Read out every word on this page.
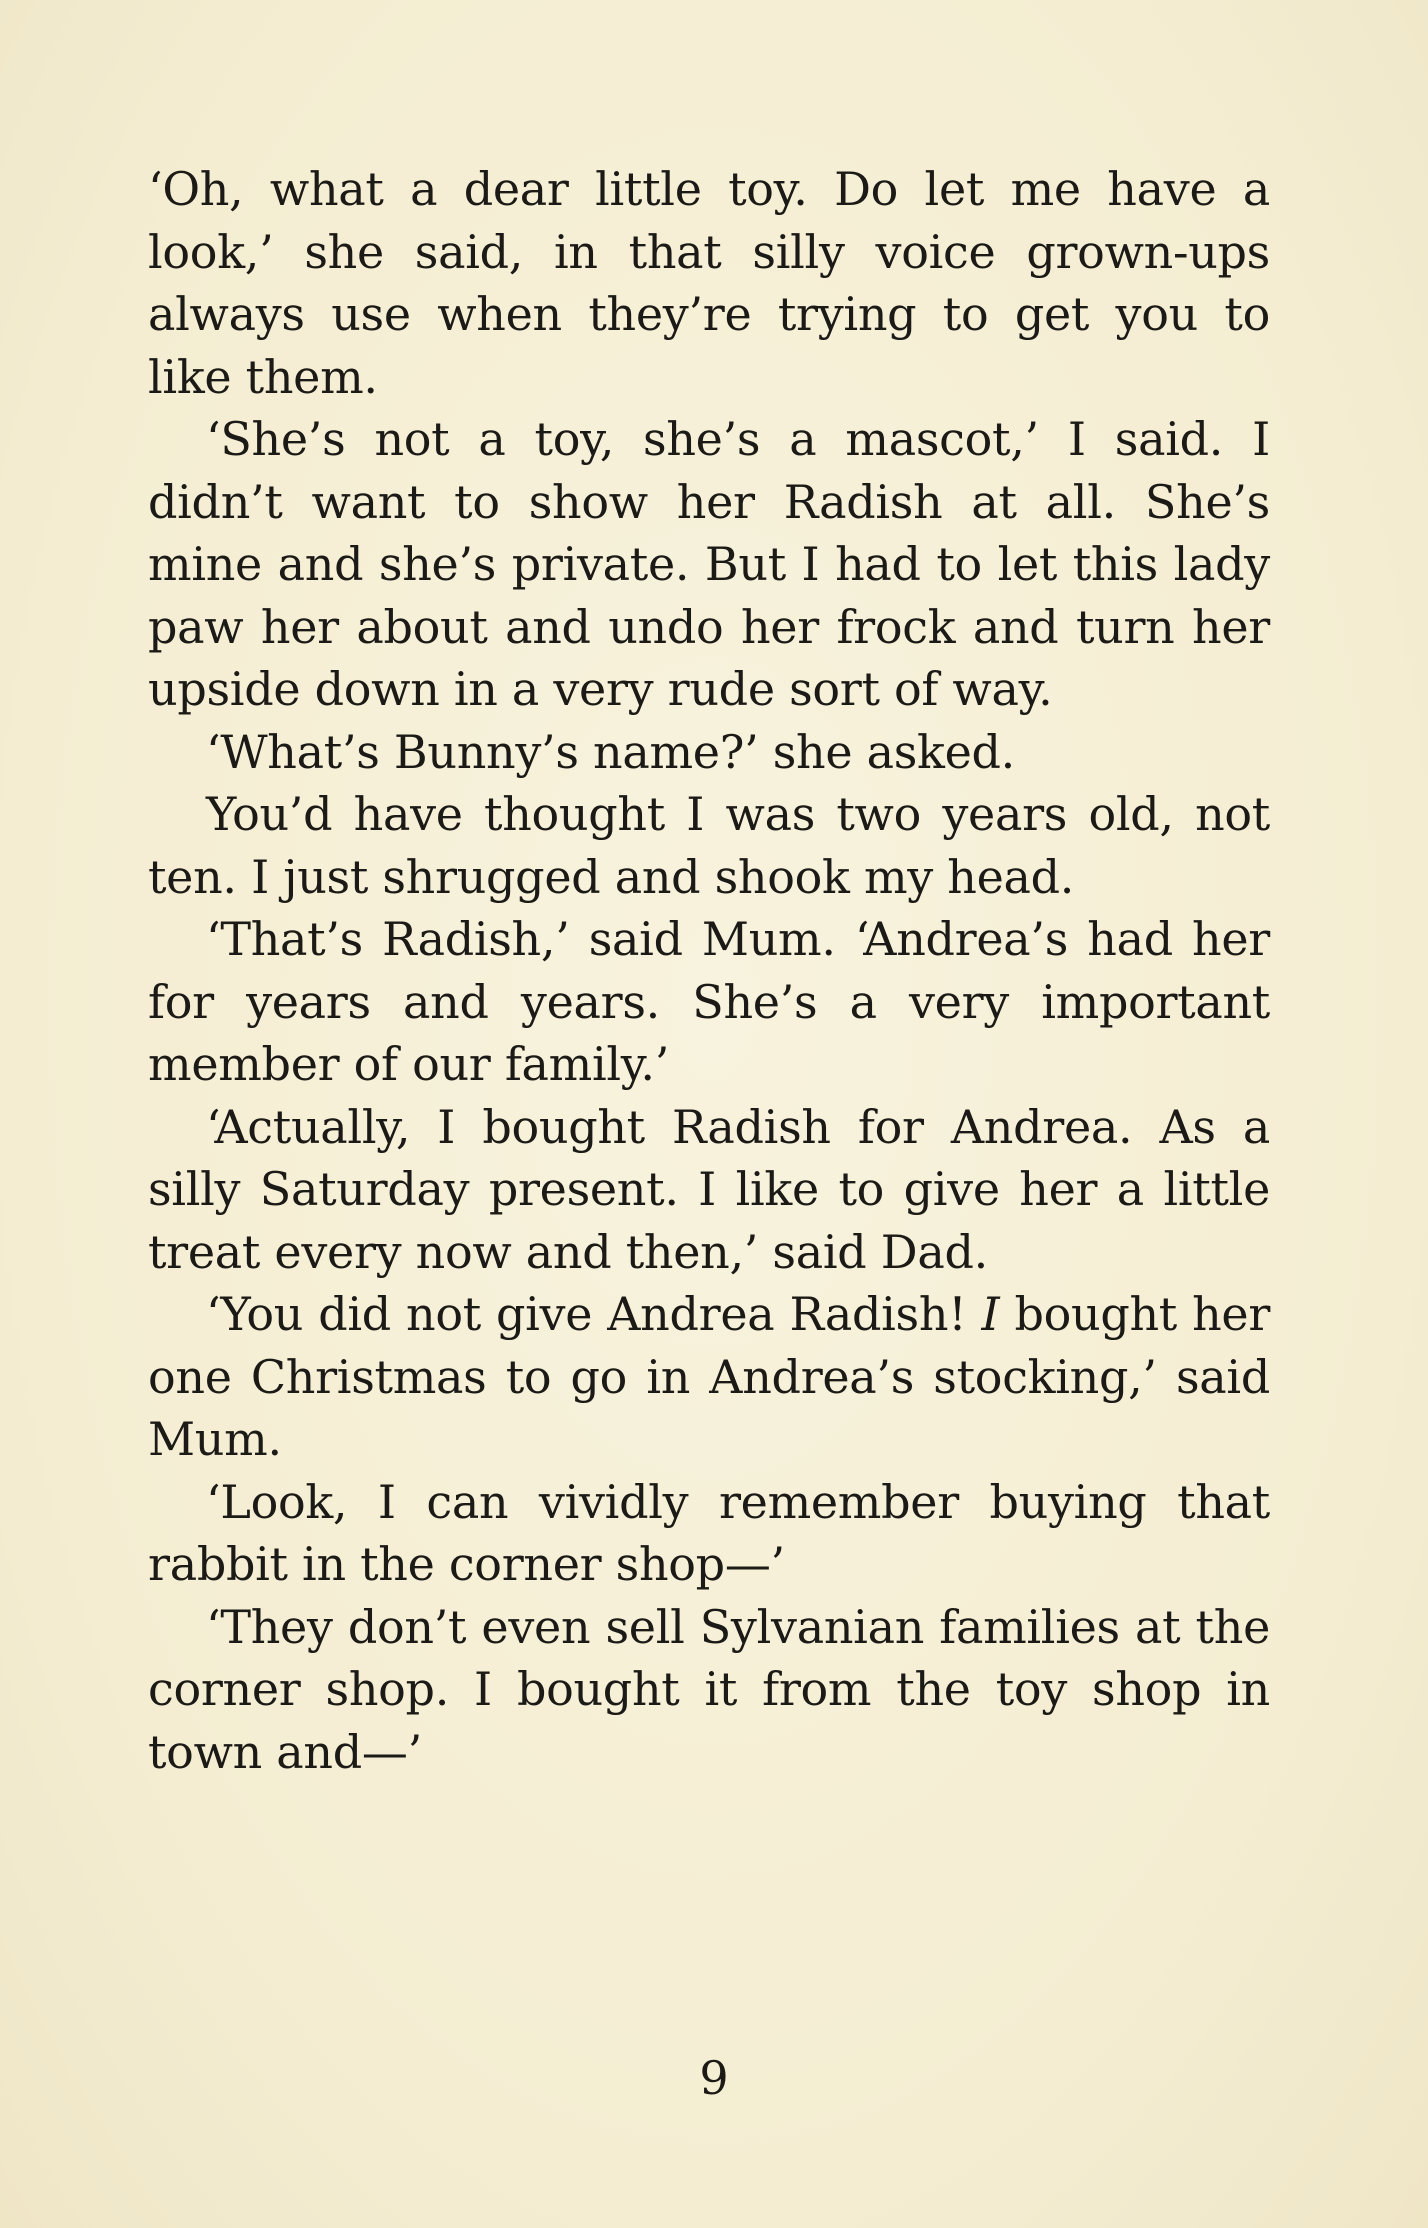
‘Oh, what a dear little toy. Do let me have a look,’ she said, in that silly voice grown-ups always use when they’re trying to get you to like them.

‘She’s not a toy, she’s a mascot,’ I said. I didn’t want to show her Radish at all. She’s mine and she’s private. But I had to let this lady paw her about and undo her frock and turn her upside down in a very rude sort of way.

‘What’s Bunny’s name?’ she asked.

You’d have thought I was two years old, not ten. I just shrugged and shook my head.

‘That’s Radish,’ said Mum. ‘Andrea’s had her for years and years. She’s a very important member of our family.’

‘Actually, I bought Radish for Andrea. As a silly Saturday present. I like to give her a little treat every now and then,’ said Dad.

‘You did not give Andrea Radish! I bought her one Christmas to go in Andrea’s stocking,’ said Mum.

‘Look, I can vividly remember buying that rabbit in the corner shop—’

‘They don’t even sell Sylvanian families at the corner shop. I bought it from the toy shop in town and—’

9
